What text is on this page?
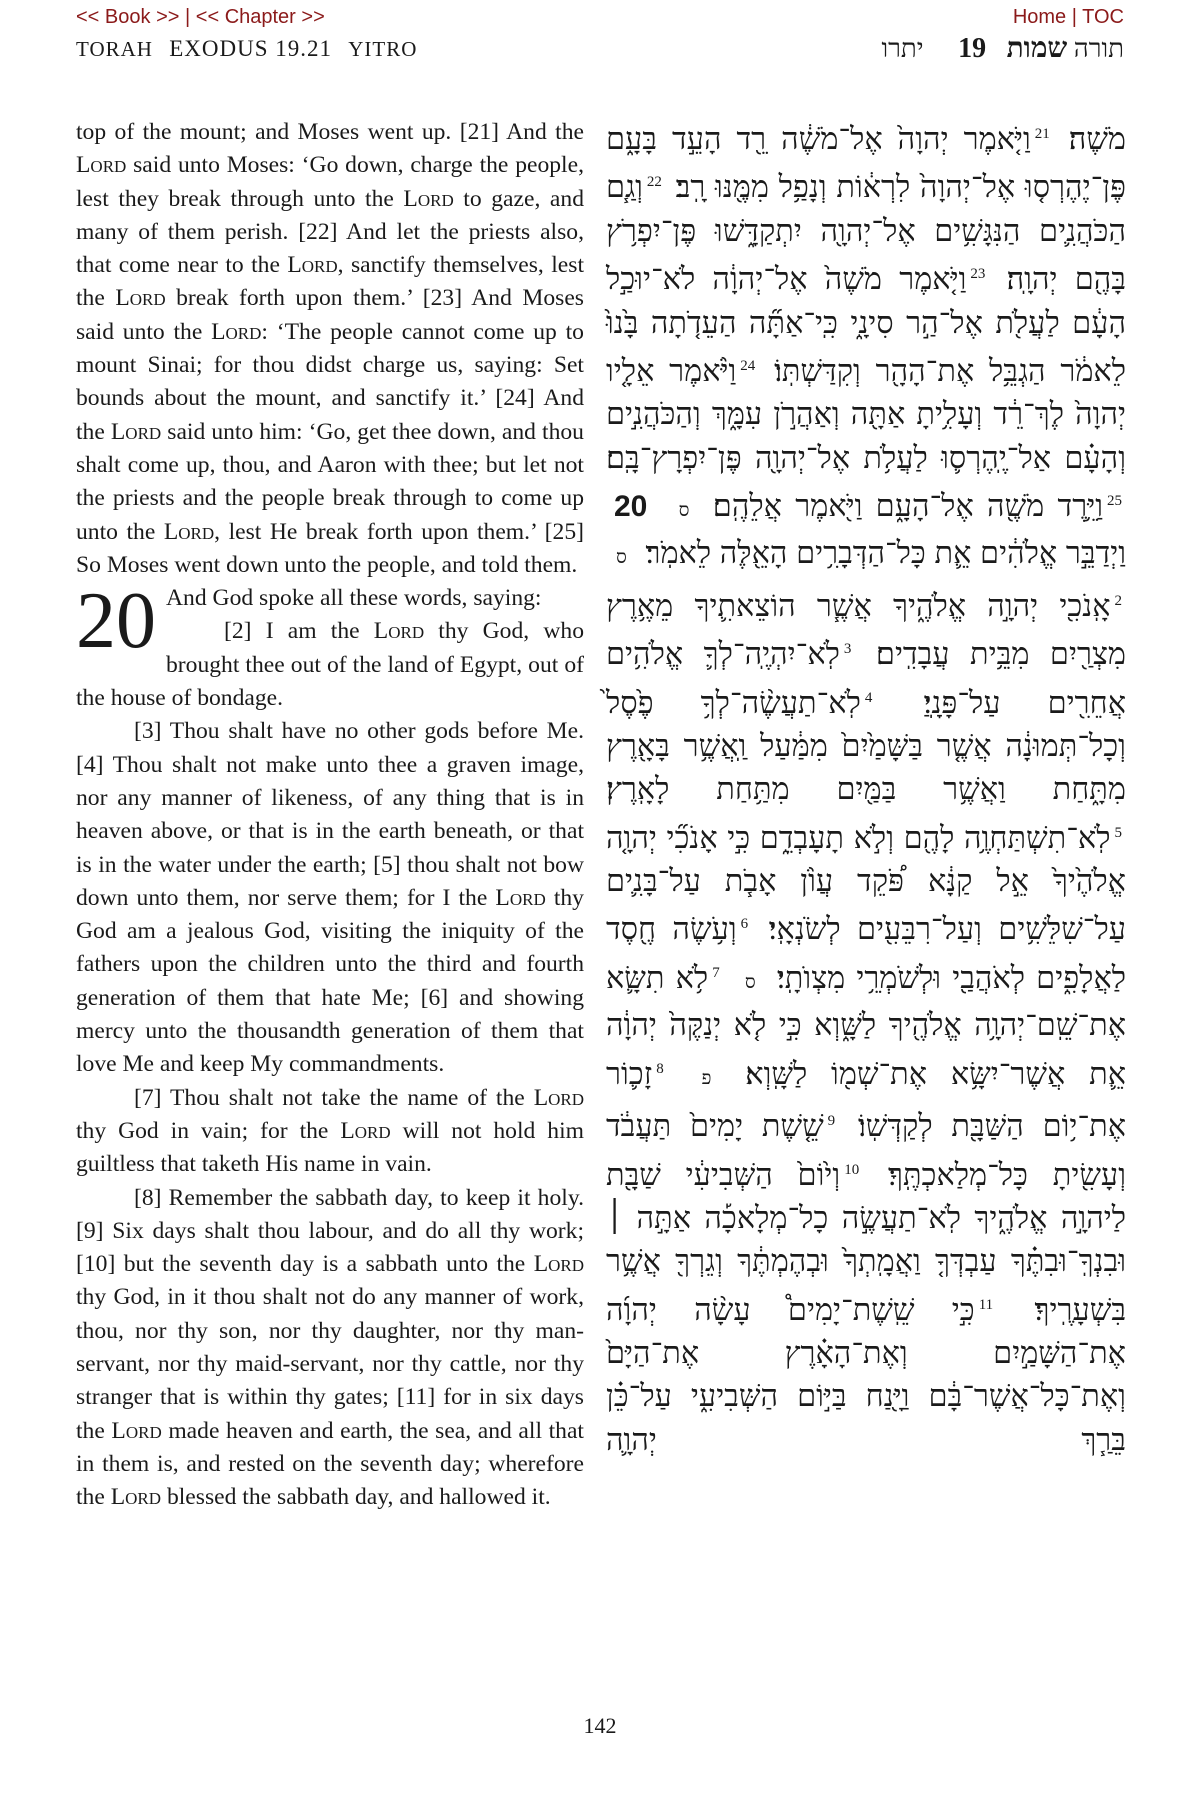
<< Book >> | << Chapter >>	Home | TOC
TORAH EXODUS 19.21 YITRO	תורה שמות 19 יתרו

top of the mount; and Moses went up. [21] And the Lord said unto Moses: ‘Go down, charge the people, lest they break through unto the Lord to gaze, and many of them perish. [22] And let the priests also, that come near to the Lord, sanctify themselves, lest the Lord break forth upon them.’ [23] And Moses said unto the Lord: ‘The people cannot come up to mount Sinai; for thou didst charge us, saying: Set bounds about the mount, and sanctify it.’ [24] And the Lord said unto him: ‘Go, get thee down, and thou shalt come up, thou, and Aaron with thee; but let not the priests and the people break through to come up unto the Lord, lest He break forth upon them.’ [25] So Moses went down unto the people, and told them.

20 And God spoke all these words, saying:

[2] I am the Lord thy God, who brought thee out of the land of Egypt, out of the house of bondage.

[3] Thou shalt have no other gods before Me. [4] Thou shalt not make unto thee a graven image, nor any manner of likeness, of any thing that is in heaven above, or that is in the earth beneath, or that is in the water under the earth; [5] thou shalt not bow down unto them, nor serve them; for I the Lord thy God am a jealous God, visiting the iniquity of the fathers upon the children unto the third and fourth generation of them that hate Me; [6] and showing mercy unto the thousandth generation of them that love Me and keep My commandments.

[7] Thou shalt not take the name of the Lord thy God in vain; for the Lord will not hold him guiltless that taketh His name in vain.

[8] Remember the sabbath day, to keep it holy. [9] Six days shalt thou labour, and do all thy work; [10] but the seventh day is a sabbath unto the Lord thy God, in it thou shalt not do any manner of work, thou, nor thy son, nor thy daughter, nor thy man-servant, nor thy maid-servant, nor thy cattle, nor thy stranger that is within thy gates; [11] for in six days the Lord made heaven and earth, the sea, and all that in them is, and rested on the seventh day; wherefore the Lord blessed the sabbath day, and hallowed it.

מֹשֶׁה׃ $^{21}$וַיֹּ֤אמֶר יְהוָה֙ אֶל־מֹשֶׁ֔ה רֵ֖ד הָעֵ֣ד בָּעָ֑ם פֶּן־יֶהֶרְס֤וּ אֶל־יְהוָה֙ לִרְא֔וֹת וְנָפַ֥ל מִמֶּ֖נּוּ רָֽב׃ $^{22}$וְגַ֧ם הַכֹּהֲנִ֛ים הַנִּגָּשִׁ֥ים אֶל־יְהוָ֖ה יִתְקַדָּ֑שׁוּ פֶּן־יִפְרֹ֥ץ בָּהֶ֖ם יְהוָֽה׃ $^{23}$וַיֹּ֤אמֶר מֹשֶׁה֙ אֶל־יְהוָ֔ה לֹא־יוּכַ֣ל הָעָ֔ם לַעֲלֹ֖ת אֶל־הַ֣ר סִינָ֑י כִּֽי־אַתָּ֞ה הַעֵדֹ֤תָה בָּ֙נוּ֙ לֵאמֹ֔ר הַגְבֵּ֥ל אֶת־הָהָ֖ר וְקִדַּשְׁתּֽוֹ׃ $^{24}$וַיֹּ֨אמֶר אֵלָ֤יו יְהוָה֙ לֶךְ־רֵ֔ד וְעָלִ֥יתָ אַתָּ֖ה וְאַהֲרֹ֣ן עִמָּ֑ךְ וְהַכֹּהֲנִ֣ים וְהָעָ֗ם אַל־יֶֽהֶרְס֛וּ לַעֲלֹ֥ת אֶל־יְהוָ֖ה פֶּן־יִפְרָץ־בָּֽם׃ $^{25}$וַיֵּ֥רֶד מֹשֶׁ֖ה אֶל־הָעָ֑ם וַיֹּ֖אמֶר אֲלֵהֶֽם׃ ס 20 וַיְדַבֵּ֣ר אֱלֹהִ֔ים אֵ֛ת כָּל־הַדְּבָרִ֥ים הָאֵ֖לֶּה לֵאמֹֽר׃ ס $^2$אָֽנֹכִ֖י יְהוָ֣ה אֱלֹהֶ֑יךָ אֲשֶׁ֧ר הוֹצֵאתִ֛יךָ מֵאֶ֥רֶץ מִצְרַ֖יִם מִבֵּ֥ית עֲבָדִֽים׃ $^3$לֹֽא־יִהְיֶֽה־לְךָ֛ אֱלֹהִ֥ים אֲחֵרִ֖ים עַל־פָּנָֽיַ׃ $^4$לֹֽא־תַעֲשֶׂ֨ה־לְךָ֥ פֶ֙סֶל֙ וְכָל־תְּמוּנָ֔ה אֲשֶׁ֤ר בַּשָּׁמַ֙יִם֙ מִמַּ֔עַל וַֽאֲשֶׁ֥ר בָּאָ֖רֶץ מִתָּ֑חַת וַאֲשֶׁ֥ר בַּמַּ֖יִם מִתַּ֥חַת לָאָֽרֶץ׃ $^5$לֹֽא־תִשְׁתַּחְוֶ֥ה לָהֶ֖ם וְלֹ֣א תָעָבְדֵ֑ם כִּ֣י אָנֹכִ֞י יְהוָ֤ה אֱלֹהֶ֙יךָ֙ אֵ֣ל קַנָּ֔א פֹּ֠קֵד עֲוֺ֨ן אָבֹ֧ת עַל־בָּנִ֛ים עַל־שִׁלֵּשִׁ֥ים וְעַל־רִבֵּעִ֖ים לְשֹׂנְאָֽי׃ $^6$וְעֹ֥שֶׂה חֶ֖סֶד לַאֲלָפִ֑ים לְאֹהֲבַ֖י וּלְשֹׁמְרֵ֥י מִצְוֺתָֽי׃ ס $^7$לֹ֥א תִשָּׂ֛א אֶת־שֵֽׁם־יְהוָ֥ה אֱלֹהֶ֖יךָ לַשָּׁ֑וְא כִּ֣י לֹ֤א יְנַקֶּה֙ יְהוָ֔ה אֵ֛ת אֲשֶׁר־יִשָּׂ֥א אֶת־שְׁמ֖וֹ לַשָּֽׁוְא׃ פ $^8$זָכ֛וֹר אֶת־י֥וֹם הַשַּׁבָּ֖ת לְקַדְּשֽׁוֹ׃ $^9$שֵׁ֤שֶׁת יָמִים֙ תַּעֲבֹ֔ד וְעָשִׂ֖יתָ כָּל־מְלַאכְתֶּֽךָ׃ $^{10}$וְי֙וֹם֙ הַשְּׁבִיעִ֔י שַׁבָּ֖ת לַיהוָ֣ה אֱלֹהֶ֑יךָ לֹֽא־תַעֲשֶׂ֣ה כָל־מְלָאכָ֡ה אַתָּ֣ה ׀ וּבִנְךָֽ־וּבִתֶּ֗ךָ עַבְדְּךָ֤ וַאֲמָֽתְךָ֙ וּבְהֶמְתֶּ֔ךָ וְגֵרְךָ֖ אֲשֶׁ֥ר בִּשְׁעָרֶֽיךָ׃ $^{11}$כִּ֣י שֵֽׁשֶׁת־יָמִים֩ עָשָׂ֨ה יְהוָ֜ה אֶת־הַשָּׁמַ֣יִם וְאֶת־הָאָ֗רֶץ אֶת־הַיָּם֙ וְאֶת־כָּל־אֲשֶׁר־בָּ֔ם וַיָּ֖נַח בַּיּ֣וֹם הַשְּׁבִיעִ֑י עַל־כֵּ֗ן בֵּרַ֧ךְ יְהוָ֛ה
142
